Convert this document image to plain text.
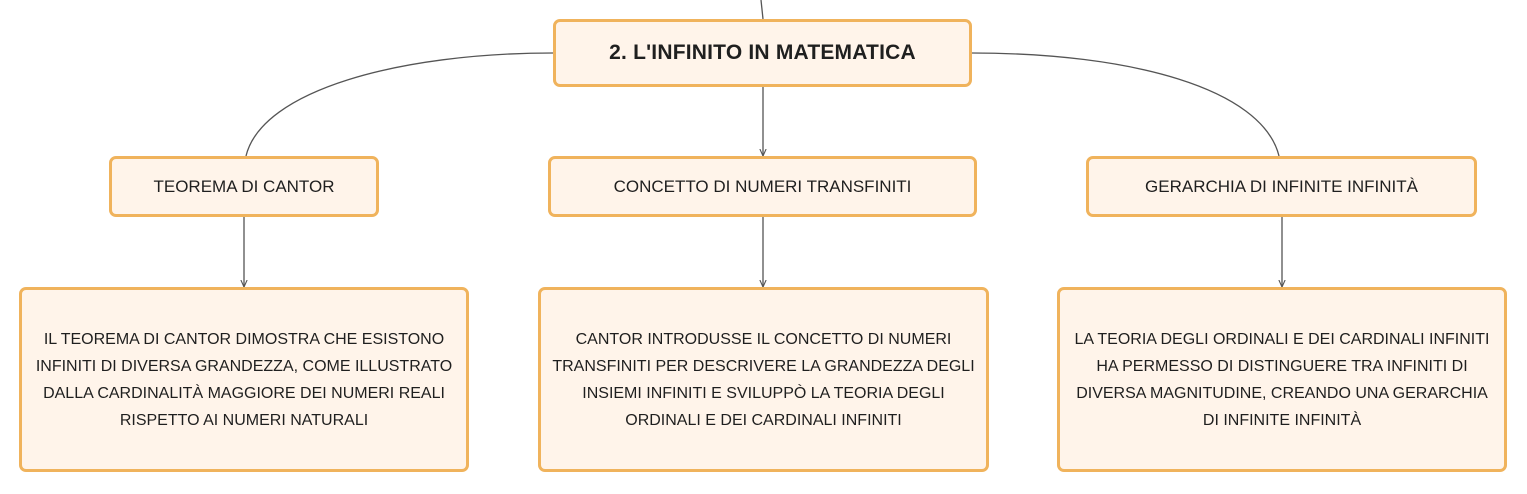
2. L'INFINITO IN MATEMATICA
TEOREMA DI CANTOR	CONCETTO DI NUMERI TRANSFINITI	GERARCHIA DI INFINITE INFINITÀ
IL TEOREMA DI CANTOR DIMOSTRA CHE ESISTONO INFINITI DI DIVERSA GRANDEZZA, COME ILLUSTRATO DALLA CARDINALITÀ MAGGIORE DEI NUMERI REALI RISPETTO AI NUMERI NATURALI
CANTOR INTRODUSSE IL CONCETTO DI NUMERI TRANSFINITI PER DESCRIVERE LA GRANDEZZA DEGLI INSIEMI INFINITI E SVILUPPÒ LA TEORIA DEGLI ORDINALI E DEI CARDINALI INFINITI
LA TEORIA DEGLI ORDINALI E DEI CARDINALI INFINITI HA PERMESSO DI DISTINGUERE TRA INFINITI DI DIVERSA MAGNITUDINE, CREANDO UNA GERARCHIA DI INFINITE INFINITÀ
